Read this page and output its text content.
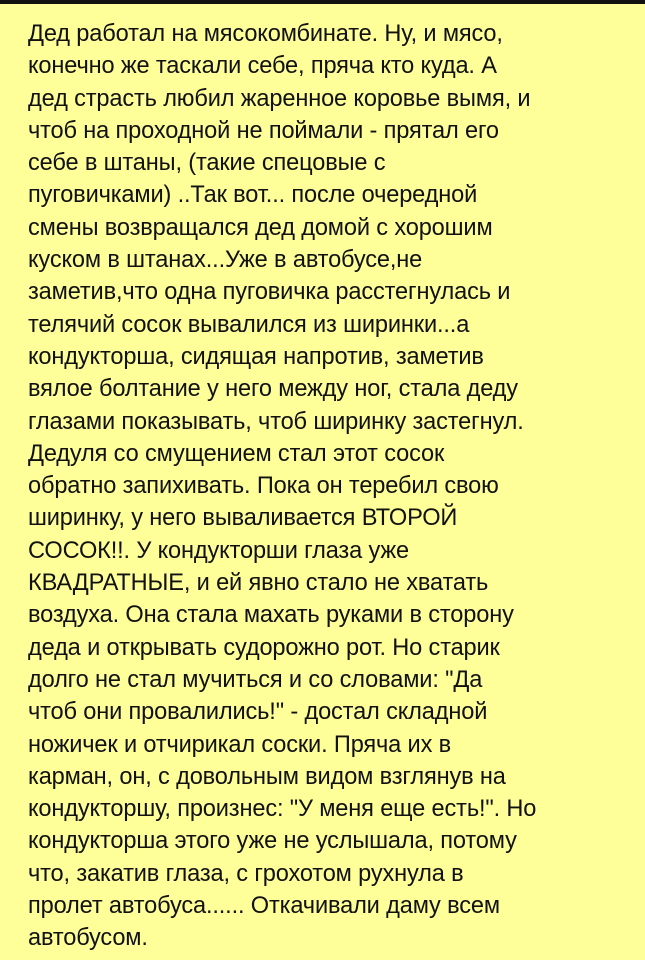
Дед работал на мясокомбинате. Ну, и мясо,
конечно же таскали себе, пряча кто куда. А
дед страсть любил жаренное коровье вымя, и
чтоб на проходной не поймали - прятал его
себе в штаны, (такие спецовые с
пуговичками) ..Так вот... после очередной
смены возвращался дед домой с хорошим
куском в штанах...Уже в автобусе,не
заметив,что одна пуговичка расстегнулась и
телячий сосок вывалился из ширинки...а
кондукторша, сидящая напротив, заметив
вялое болтание у него между ног, стала деду
глазами показывать, чтоб ширинку застегнул.
Дедуля со смущением стал этот сосок
обратно запихивать. Пока он теребил свою
ширинку, у него вываливается ВТОРОЙ
СОСОК!!. У кондукторши глаза уже
КВАДРАТНЫЕ, и ей явно стало не хватать
воздуха. Она стала махать руками в сторону
деда и открывать судорожно рот. Но старик
долго не стал мучиться и со словами: "Да
чтоб они провалились!" - достал складной
ножичек и отчирикал соски. Пряча их в
карман, он, с довольным видом взглянув на
кондукторшу, произнес: "У меня еще есть!". Но
кондукторша этого уже не услышала, потому
что, закатив глаза, с грохотом рухнула в
пролет автобуса...... Откачивали даму всем
автобусом.
